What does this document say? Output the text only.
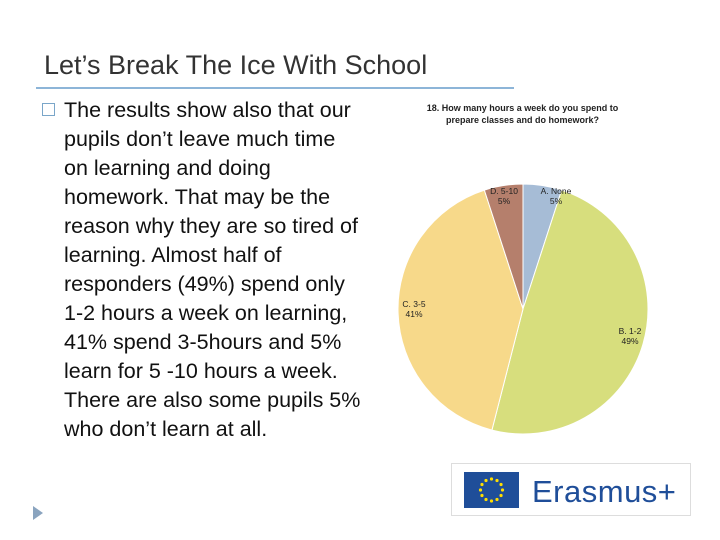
Let’s Break The Ice With School
The results show also that our pupils don’t leave much time on learning and doing homework. That may be the reason why they are so tired of learning. Almost half of responders (49%) spend only 1-2 hours a week on learning, 41% spend 3-5hours and 5% learn for 5 -10 hours a week. There are also some pupils 5% who don’t learn at all.
18. How many hours a week do you spend to
prepare classes and do homework?
A. None
5%
B. 1-2
49%
C. 3-5
41%
D. 5-10
5%
Erasmus+
